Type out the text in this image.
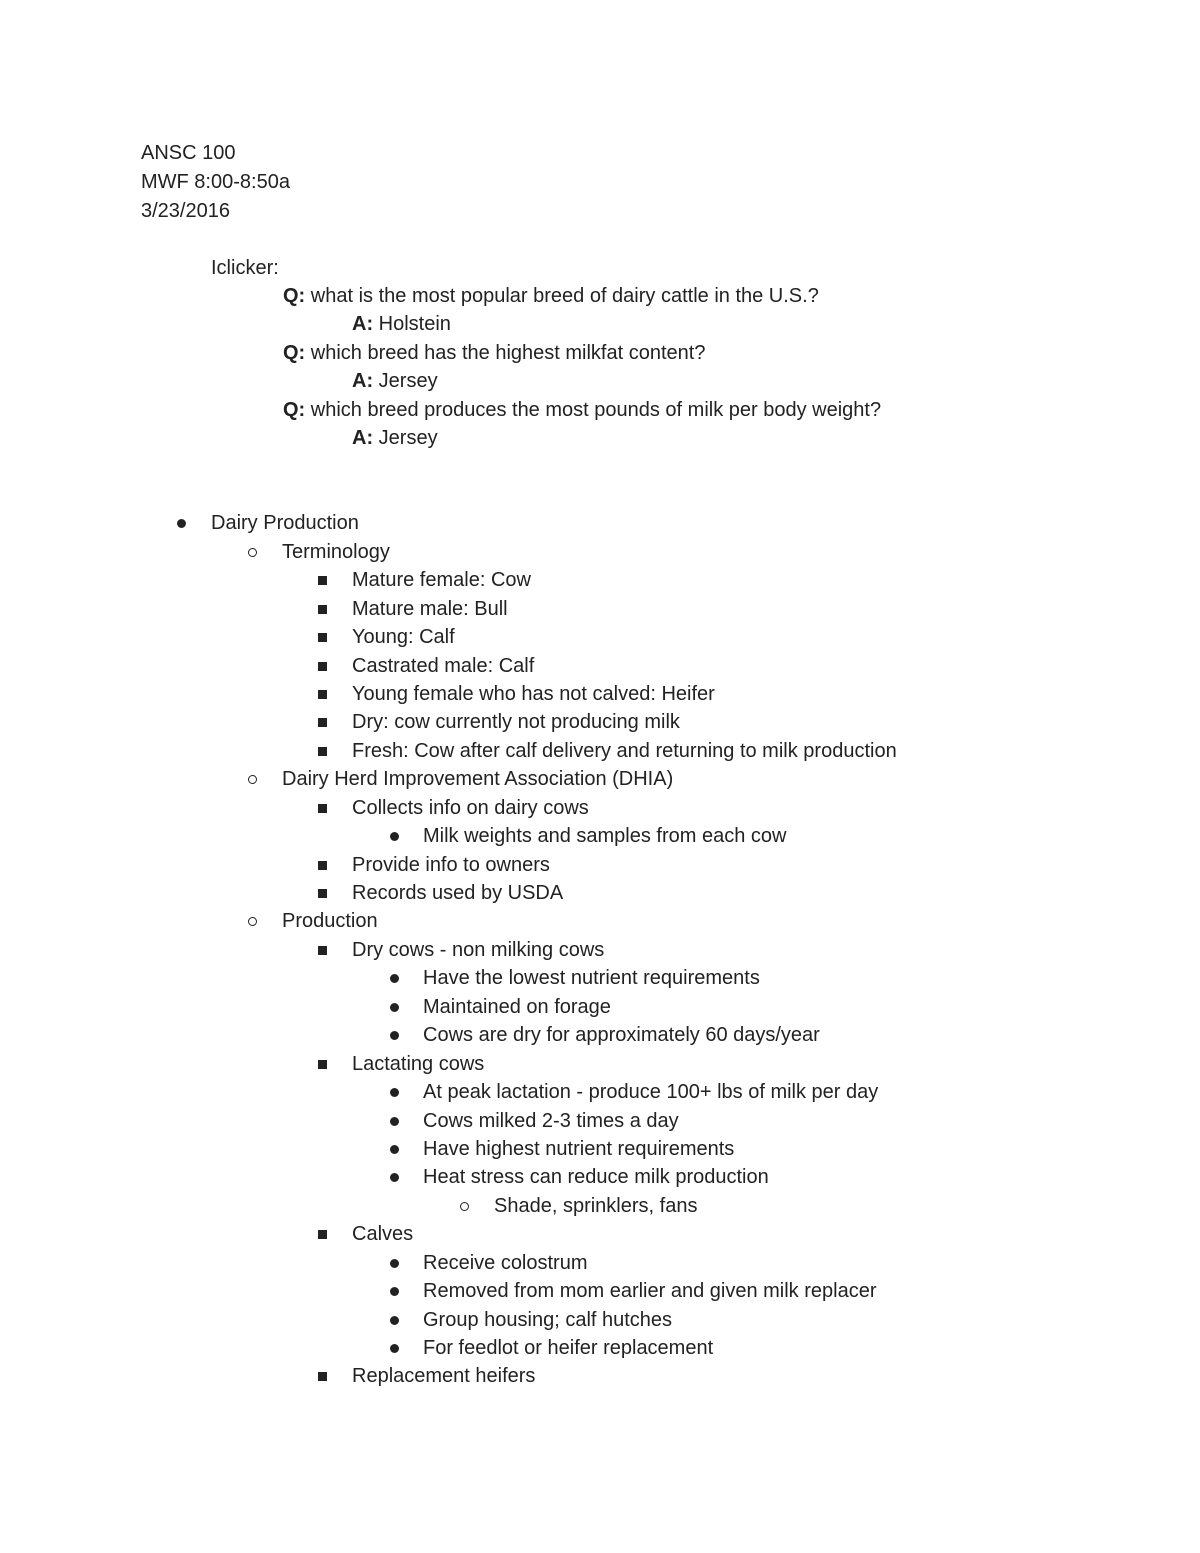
ANSC 100
MWF 8:00-8:50a
3/23/2016
Iclicker:
Q: what is the most popular breed of dairy cattle in the U.S.?
A: Holstein
Q: which breed has the highest milkfat content?
A: Jersey
Q: which breed produces the most pounds of milk per body weight?
A: Jersey
Dairy Production
Terminology
Mature female: Cow
Mature male: Bull
Young: Calf
Castrated male: Calf
Young female who has not calved: Heifer
Dry: cow currently not producing milk
Fresh: Cow after calf delivery and returning to milk production
Dairy Herd Improvement Association (DHIA)
Collects info on dairy cows
Milk weights and samples from each cow
Provide info to owners
Records used by USDA
Production
Dry cows - non milking cows
Have the lowest nutrient requirements
Maintained on forage
Cows are dry for approximately 60 days/year
Lactating cows
At peak lactation - produce 100+ lbs of milk per day
Cows milked 2-3 times a day
Have highest nutrient requirements
Heat stress can reduce milk production
Shade, sprinklers, fans
Calves
Receive colostrum
Removed from mom earlier and given milk replacer
Group housing; calf hutches
For feedlot or heifer replacement
Replacement heifers
